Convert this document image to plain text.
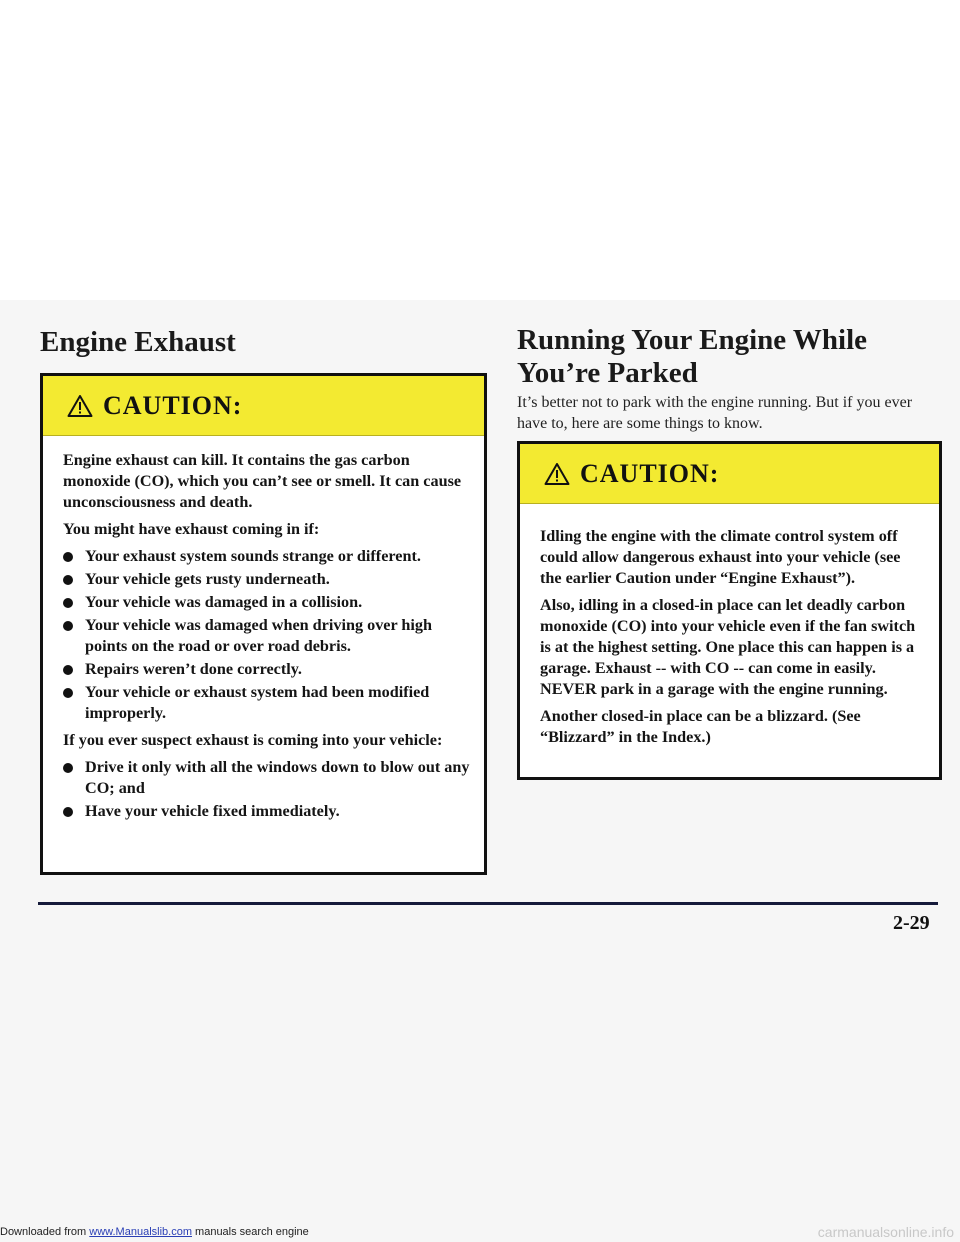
Engine Exhaust
CAUTION:

Engine exhaust can kill. It contains the gas carbon monoxide (CO), which you can’t see or smell. It can cause unconsciousness and death.

You might have exhaust coming in if:

Your exhaust system sounds strange or different.
Your vehicle gets rusty underneath.
Your vehicle was damaged in a collision.
Your vehicle was damaged when driving over high points on the road or over road debris.
Repairs weren’t done correctly.
Your vehicle or exhaust system had been modified improperly.

If you ever suspect exhaust is coming into your vehicle:

Drive it only with all the windows down to blow out any CO; and
Have your vehicle fixed immediately.
Running Your Engine While You’re Parked

It’s better not to park with the engine running. But if you ever have to, here are some things to know.

CAUTION:

Idling the engine with the climate control system off could allow dangerous exhaust into your vehicle (see the earlier Caution under “Engine Exhaust”).

Also, idling in a closed-in place can let deadly carbon monoxide (CO) into your vehicle even if the fan switch is at the highest setting. One place this can happen is a garage. Exhaust -- with CO -- can come in easily. NEVER park in a garage with the engine running.

Another closed-in place can be a blizzard. (See “Blizzard” in the Index.)

2-29
Downloaded from www.Manualslib.com manuals search engine	carmanualsonline.info
